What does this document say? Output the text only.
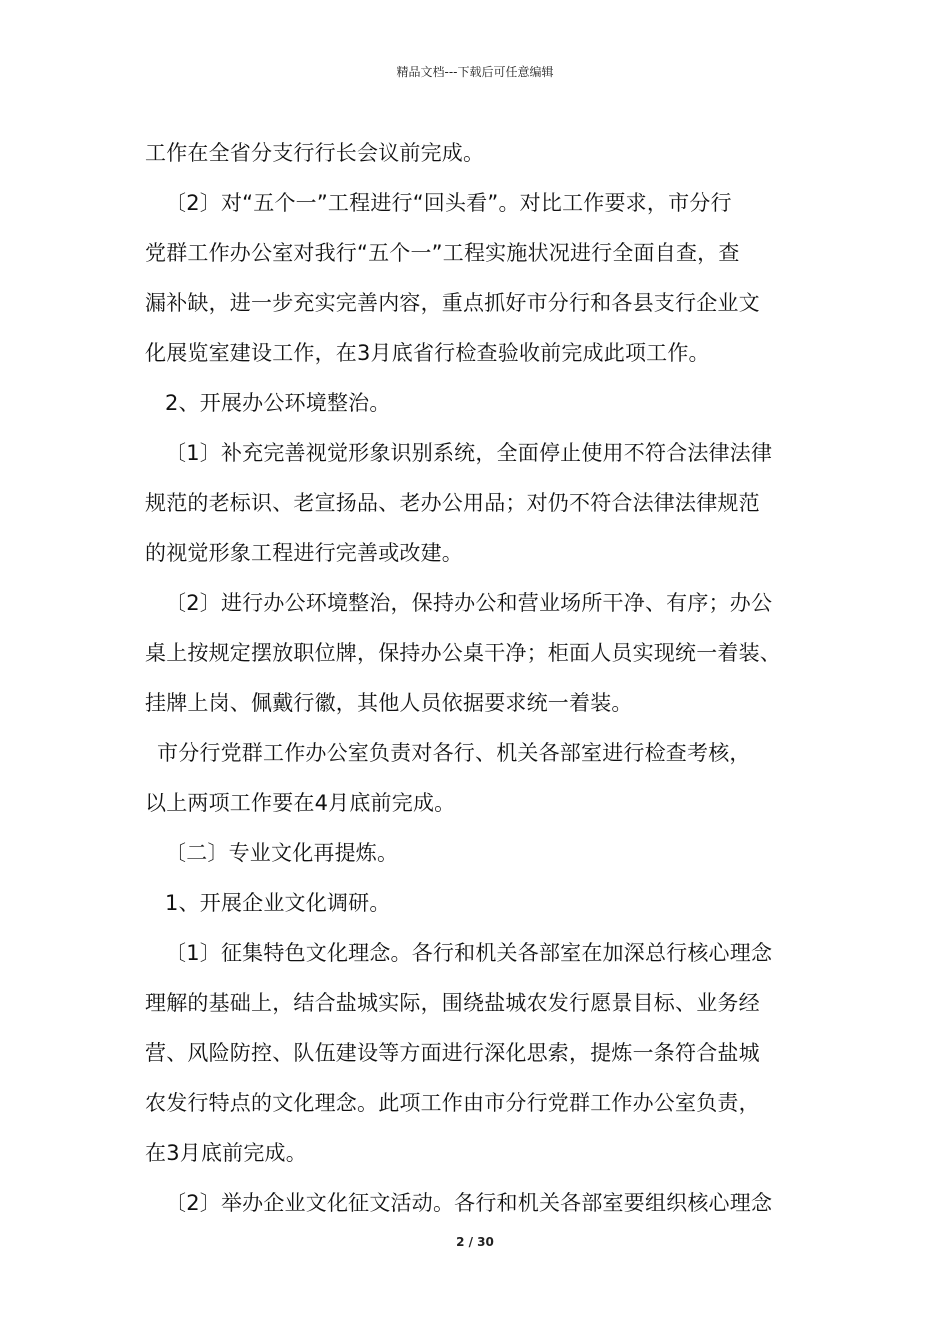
精品文档---下载后可任意编辑
工作在全省分支行行长会议前完成。
〔2〕对“五个一”工程进行“回头看”。对比工作要求，市分行
党群工作办公室对我行“五个一”工程实施状况进行全面自查，查
漏补缺，进一步充实完善内容，重点抓好市分行和各县支行企业文
化展览室建设工作，在3月底省行检查验收前完成此项工作。
2、开展办公环境整治。
〔1〕补充完善视觉形象识别系统，全面停止使用不符合法律法律
规范的老标识、老宣扬品、老办公用品；对仍不符合法律法律规范
的视觉形象工程进行完善或改建。
〔2〕进行办公环境整治，保持办公和营业场所干净、有序；办公
桌上按规定摆放职位牌，保持办公桌干净；柜面人员实现统一着装、
挂牌上岗、佩戴行徽，其他人员依据要求统一着装。
市分行党群工作办公室负责对各行、机关各部室进行检查考核，
以上两项工作要在4月底前完成。
〔二〕专业文化再提炼。
1、开展企业文化调研。
〔1〕征集特色文化理念。各行和机关各部室在加深总行核心理念
理解的基础上，结合盐城实际，围绕盐城农发行愿景目标、业务经
营、风险防控、队伍建设等方面进行深化思索，提炼一条符合盐城
农发行特点的文化理念。此项工作由市分行党群工作办公室负责，
在3月底前完成。
〔2〕举办企业文化征文活动。各行和机关各部室要组织核心理念
2 / 30
